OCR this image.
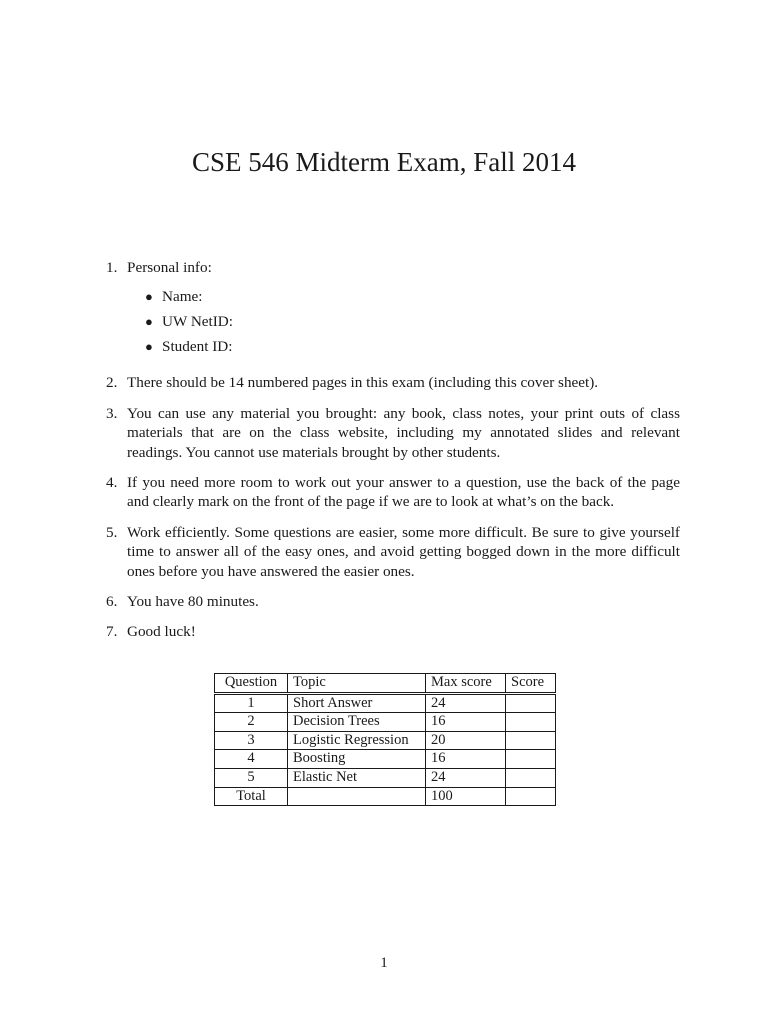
CSE 546 Midterm Exam, Fall 2014
1. Personal info:
● Name:
● UW NetID:
● Student ID:
2. There should be 14 numbered pages in this exam (including this cover sheet).
3. You can use any material you brought: any book, class notes, your print outs of class materials that are on the class website, including my annotated slides and relevant readings. You cannot use materials brought by other students.
4. If you need more room to work out your answer to a question, use the back of the page and clearly mark on the front of the page if we are to look at what’s on the back.
5. Work efficiently. Some questions are easier, some more difficult. Be sure to give yourself time to answer all of the easy ones, and avoid getting bogged down in the more difficult ones before you have answered the easier ones.
6. You have 80 minutes.
7. Good luck!
Question	Topic	Max score	Score
1	Short Answer	24	
2	Decision Trees	16	
3	Logistic Regression	20	
4	Boosting	16	
5	Elastic Net	24	
Total		100	
1
